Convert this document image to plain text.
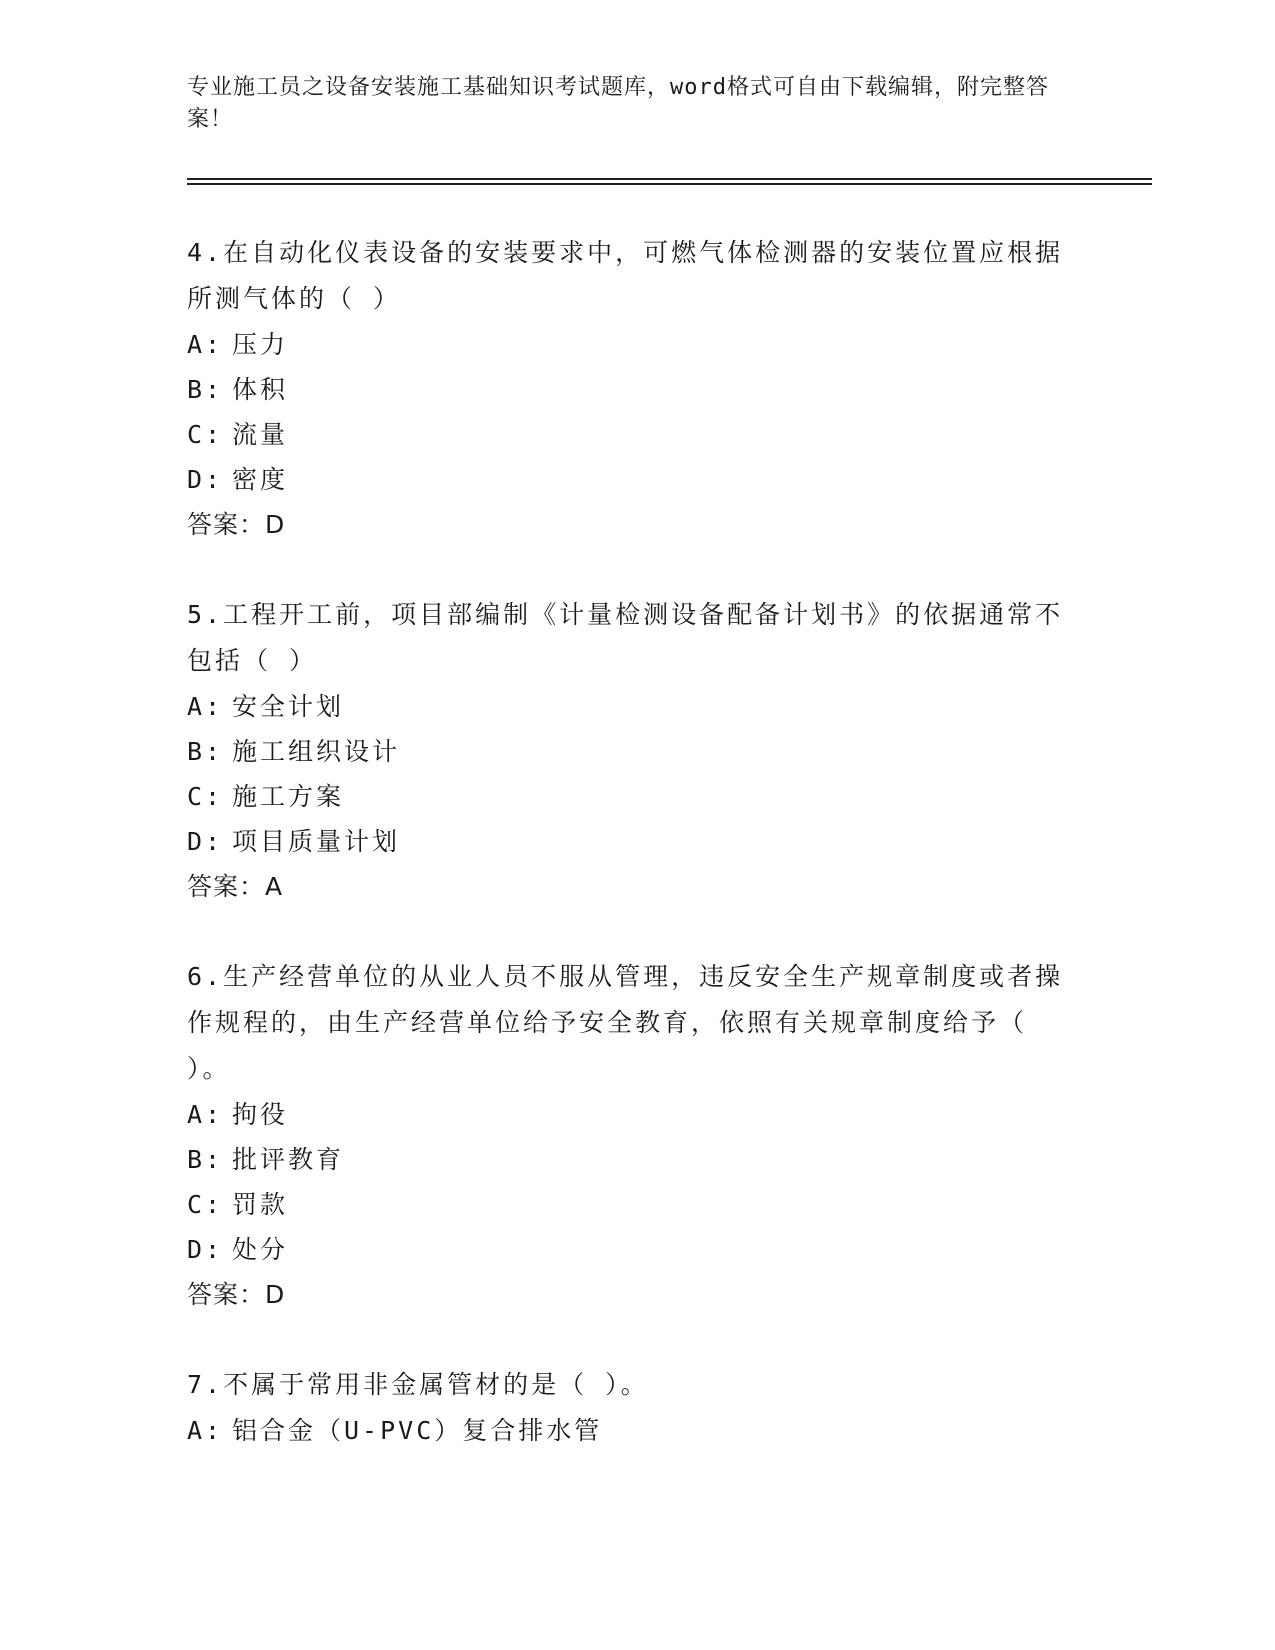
专业施工员之设备安装施工基础知识考试题库，word格式可自由下载编辑，附完整答案！
4.在自动化仪表设备的安装要求中，可燃气体检测器的安装位置应根据所测气体的（ ）
A: 压力
B: 体积
C: 流量
D: 密度
答案：D
5.工程开工前，项目部编制《计量检测设备配备计划书》的依据通常不包括（ ）
A: 安全计划
B: 施工组织设计
C: 施工方案
D: 项目质量计划
答案：A
6.生产经营单位的从业人员不服从管理，违反安全生产规章制度或者操作规程的，由生产经营单位给予安全教育，依照有关规章制度给予（ ）。
A: 拘役
B: 批评教育
C: 罚款
D: 处分
答案：D
7.不属于常用非金属管材的是（ ）。
A: 铝合金（U-PVC）复合排水管
